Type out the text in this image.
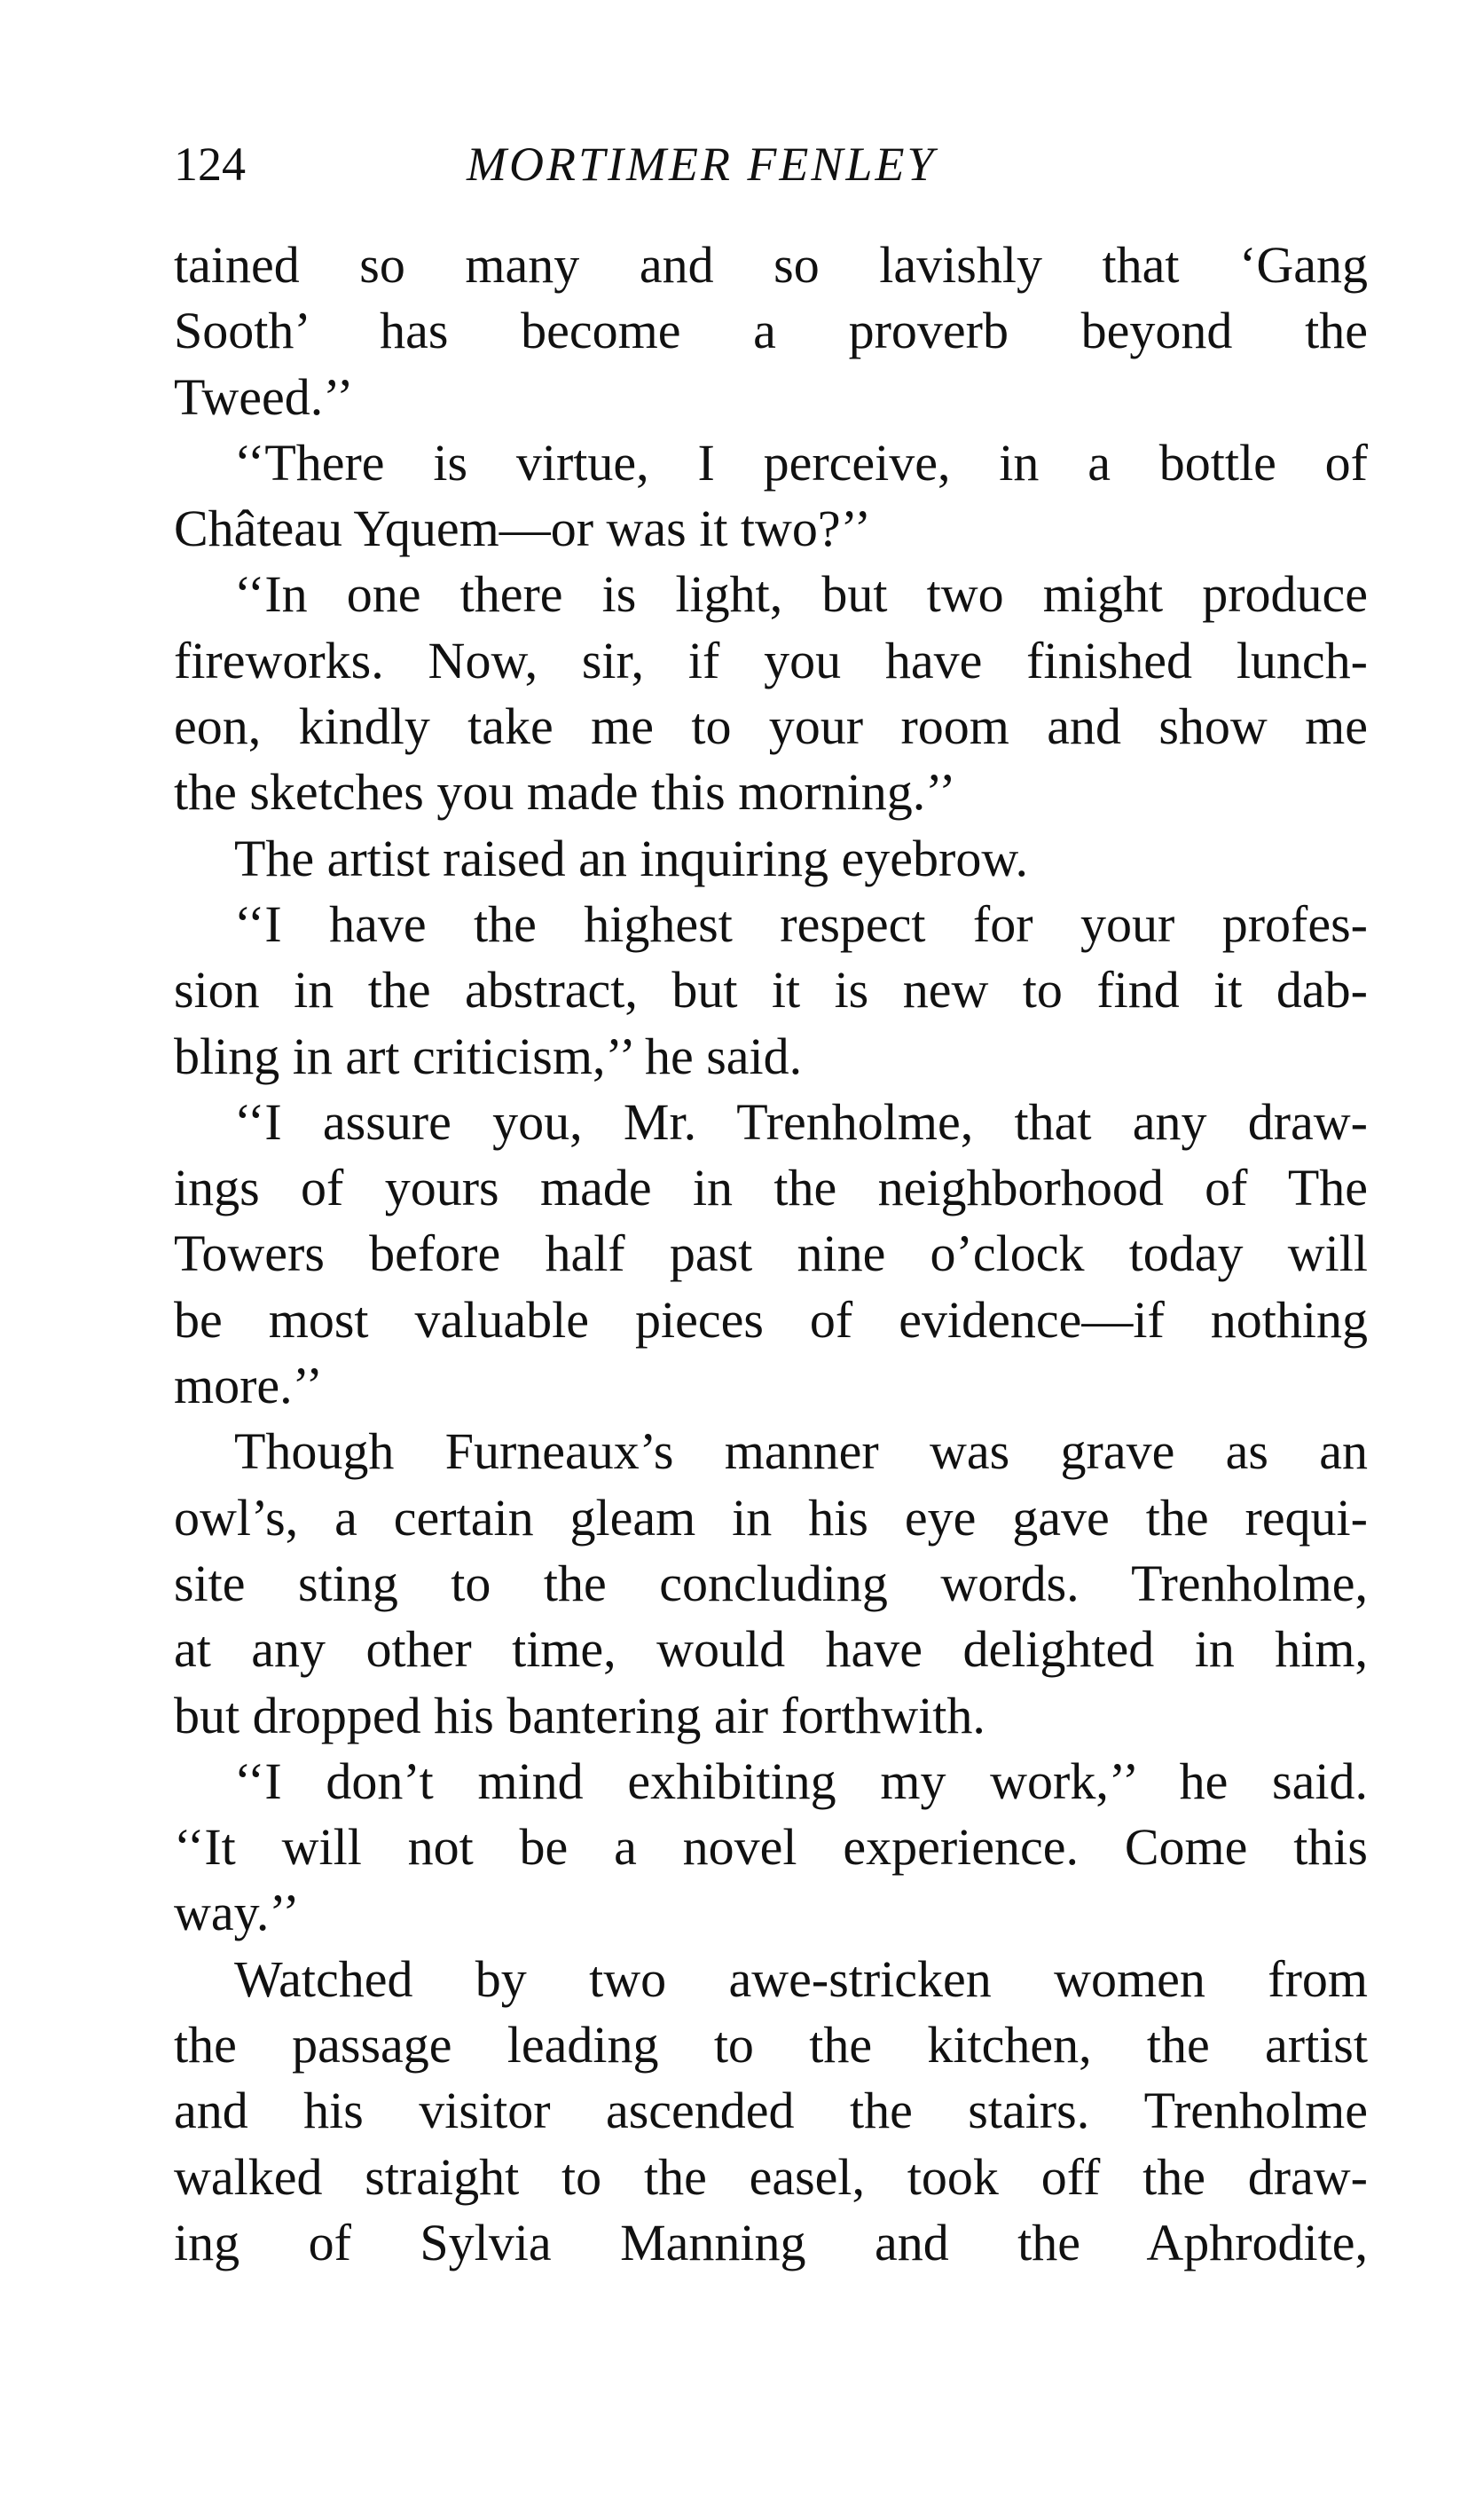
124	MORTIMER FENLEY
tained so many and so lavishly that ‘Gang
Sooth’ has become a proverb beyond the
Tweed.’’
‘‘There is virtue, I perceive, in a bottle of
Château Yquem—or was it two?’’
‘‘In one there is light, but two might produce
fireworks. Now, sir, if you have finished lunch-
eon, kindly take me to your room and show me
the sketches you made this morning.’’
The artist raised an inquiring eyebrow.
‘‘I have the highest respect for your profes-
sion in the abstract, but it is new to find it dab-
bling in art criticism,’’ he said.
‘‘I assure you, Mr. Trenholme, that any draw-
ings of yours made in the neighborhood of The
Towers before half past nine o’clock today will
be most valuable pieces of evidence—if nothing
more.’’
Though Furneaux’s manner was grave as an
owl’s, a certain gleam in his eye gave the requi-
site sting to the concluding words. Trenholme,
at any other time, would have delighted in him,
but dropped his bantering air forthwith.
‘‘I don’t mind exhibiting my work,’’ he said.
‘‘It will not be a novel experience. Come this
way.’’
Watched by two awe-stricken women from
the passage leading to the kitchen, the artist
and his visitor ascended the stairs. Trenholme
walked straight to the easel, took off the draw-
ing of Sylvia Manning and the Aphrodite,
